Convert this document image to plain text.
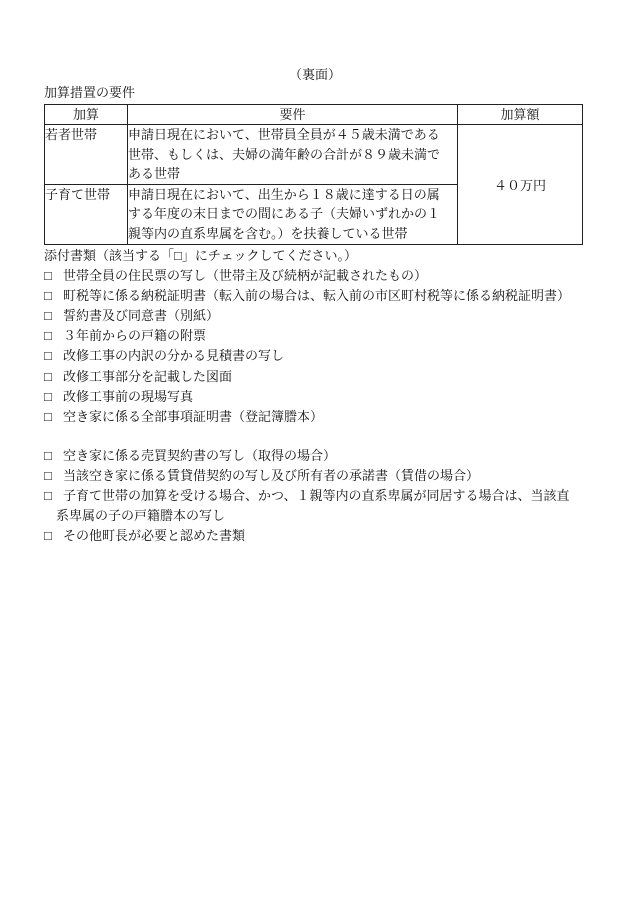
（裏面）
加算措置の要件
加算	要件	加算額
若者世帯	申請日現在において、世帯員全員が４５歳未満である
世帯、もしくは、夫婦の満年齢の合計が８９歳未満で
ある世帯	４０万円
子育て世帯	申請日現在において、出生から１８歳に達する日の属
する年度の末日までの間にある子（夫婦いずれかの１
親等内の直系卑属を含む。）を扶養している世帯	
添付書類（該当する「□」にチェックしてください。）
□ 世帯全員の住民票の写し（世帯主及び続柄が記載されたもの）
□ 町税等に係る納税証明書（転入前の場合は、転入前の市区町村税等に係る納税証明書）
□ 誓約書及び同意書（別紙）
□ ３年前からの戸籍の附票
□ 改修工事の内訳の分かる見積書の写し
□ 改修工事部分を記載した図面
□ 改修工事前の現場写真
□ 空き家に係る全部事項証明書（登記簿謄本）
□ 空き家に係る売買契約書の写し（取得の場合）
□ 当該空き家に係る賃貸借契約の写し及び所有者の承諾書（賃借の場合）
□ 子育て世帯の加算を受ける場合、かつ、１親等内の直系卑属が同居する場合は、当該直
系卑属の子の戸籍謄本の写し
□ その他町長が必要と認めた書類
